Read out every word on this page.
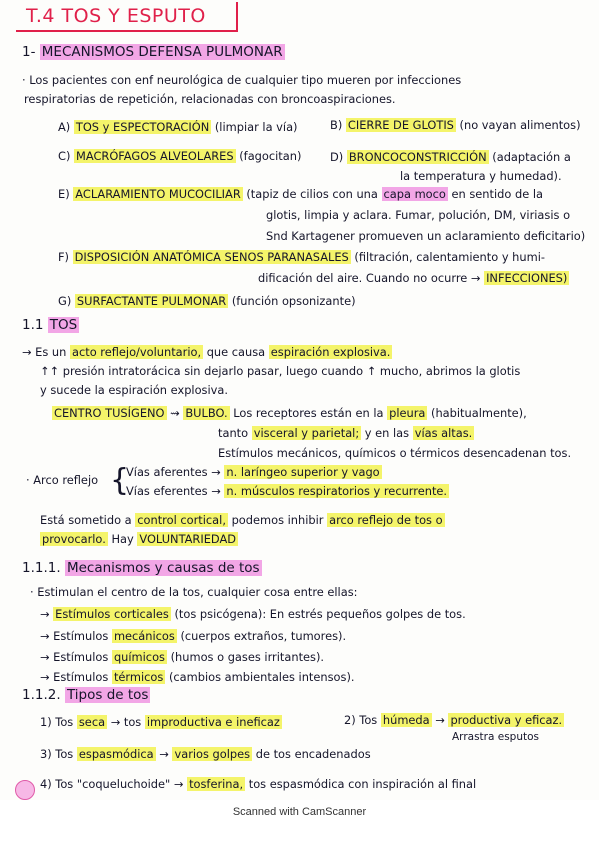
T.4 TOS Y ESPUTO
1- MECANISMOS DEFENSA PULMONAR
· Los pacientes con enf neurológica de cualquier tipo mueren por infecciones
respiratorias de repetición, relacionadas con broncoaspiraciones.
A) TOS y ESPECTORACIÓN (limpiar la vía)	B) CIERRE DE GLOTIS (no vayan alimentos)
C) MACRÓFAGOS ALVEOLARES (fagocitan)	D) BRONCOCONSTRICCIÓN (adaptación a
la temperatura y humedad).
E) ACLARAMIENTO MUCOCILIAR (tapiz de cilios con una capa moco en sentido de la
glotis, limpia y aclara. Fumar, polución, DM, viriasis o
Snd Kartagener promueven un aclaramiento deficitario)
F) DISPOSICIÓN ANATÓMICA SENOS PARANASALES (filtración, calentamiento y humi-
dificación del aire. Cuando no ocurre → INFECCIONES)
G) SURFACTANTE PULMONAR (función opsonizante)
1.1 TOS
→ Es un acto reflejo/voluntario, que causa espiración explosiva.
↑↑ presión intratorácica sin dejarlo pasar, luego cuando ↑ mucho, abrimos la glotis
y sucede la espiración explosiva.
CENTRO TUSÍGENO ⇝ BULBO. Los receptores están en la pleura (habitualmente),
tanto visceral y parietal; y en las vías altas.
Estímulos mecánicos, químicos o térmicos desencadenan tos.
· Arco reflejo {
Vías aferentes → n. laríngeo superior y vago
Vías eferentes → n. músculos respiratorios y recurrente.
Está sometido a control cortical, podemos inhibir arco reflejo de tos o
provocarlo. Hay VOLUNTARIEDAD
1.1.1. Mecanismos y causas de tos
· Estimulan el centro de la tos, cualquier cosa entre ellas:
→ Estímulos corticales (tos psicógena): En estrés pequeños golpes de tos.
→ Estímulos mecánicos (cuerpos extraños, tumores).
→ Estímulos químicos (humos o gases irritantes).
→ Estímulos térmicos (cambios ambientales intensos).
1.1.2. Tipos de tos
1) Tos seca → tos improductiva e ineficaz	2) Tos húmeda → productiva y eficaz.
Arrastra esputos
3) Tos espasmódica → varios golpes de tos encadenados
4) Tos "coqueluchoide" → tosferina, tos espasmódica con inspiración al final
Scanned with CamScanner
